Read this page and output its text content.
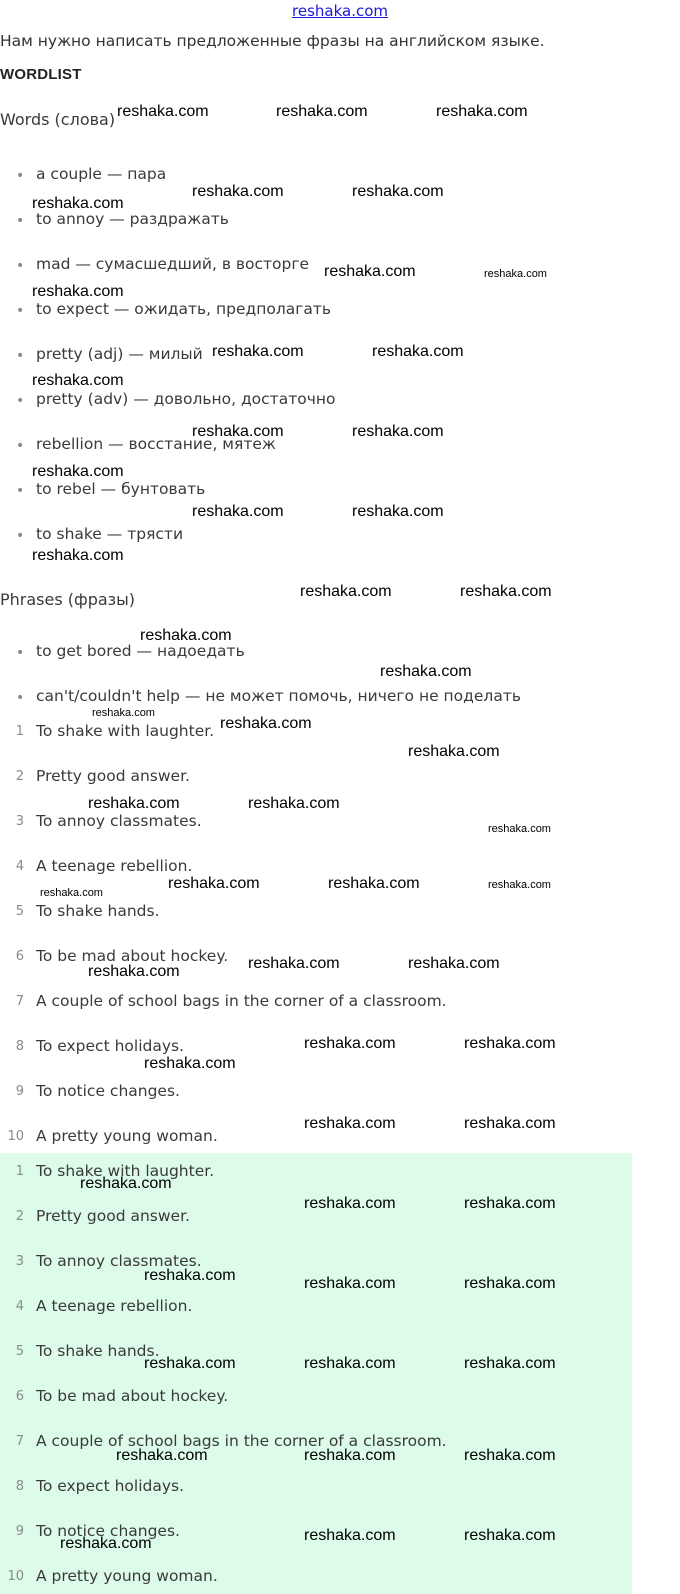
reshaka.com
Нам нужно написать предложенные фразы на английском языке.
WORDLIST
Words (слова)
• a couple — пара
• to annoy — раздражать
• mad — сумасшедший, в восторге
• to expect — ожидать, предполагать
• pretty (adj) — милый
• pretty (adv) — довольно, достаточно
• rebellion — восстание, мятеж
• to rebel — бунтовать
• to shake — трясти
Phrases (фразы)
• to get bored — надоедать
• can't/couldn't help — не может помочь, ничего не поделать
1 To shake with laughter.
2 Pretty good answer.
3 To annoy classmates.
4 A teenage rebellion.
5 To shake hands.
6 To be mad about hockey.
7 A couple of school bags in the corner of a classroom.
8 To expect holidays.
9 To notice changes.
10 A pretty young woman.
1 To shake with laughter.
2 Pretty good answer.
3 To annoy classmates.
4 A teenage rebellion.
5 To shake hands.
6 To be mad about hockey.
7 A couple of school bags in the corner of a classroom.
8 To expect holidays.
9 To notice changes.
10 A pretty young woman.
reshaka.com	reshaka.com	reshaka.com
reshaka.com	reshaka.com
reshaka.com
reshaka.com	reshaka.com
reshaka.com
reshaka.com	reshaka.com
reshaka.com
reshaka.com	reshaka.com
reshaka.com
reshaka.com	reshaka.com
reshaka.com
reshaka.com	reshaka.com
reshaka.com
reshaka.com
reshaka.com
reshaka.com
reshaka.com
reshaka.com	reshaka.com
reshaka.com
reshaka.com
reshaka.com	reshaka.com	reshaka.com
reshaka.com	reshaka.com
reshaka.com
reshaka.com	reshaka.com
reshaka.com
reshaka.com	reshaka.com
reshaka.com
reshaka.com	reshaka.com
reshaka.com	reshaka.com	reshaka.com
reshaka.com	reshaka.com	reshaka.com
reshaka.com	reshaka.com	reshaka.com
reshaka.com	reshaka.com
reshaka.com
